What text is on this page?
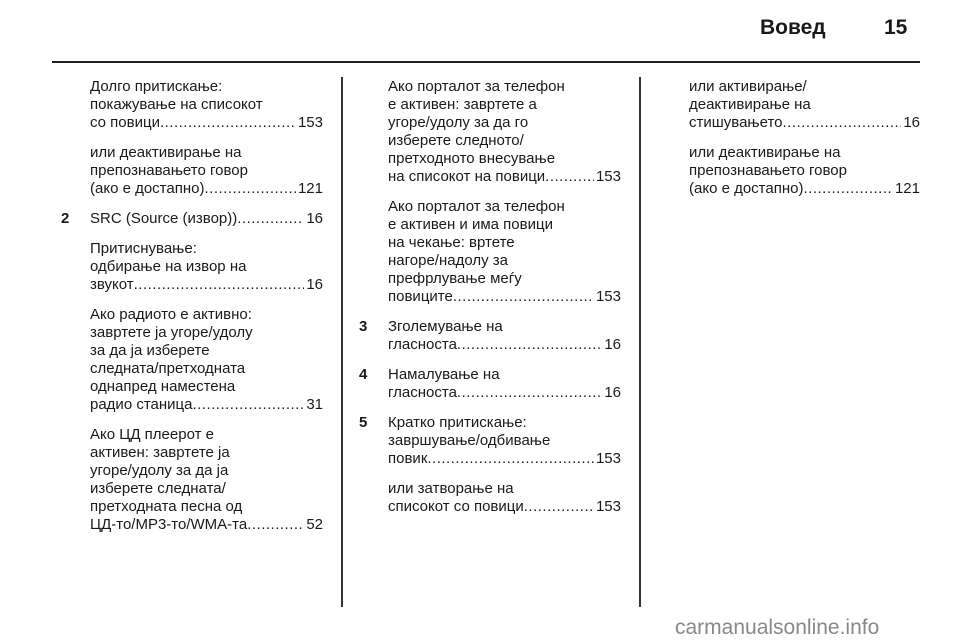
Вовед	15
Долго притискање:
покажување на списокот
со повици .....	153
или деактивирање на
препознавањето говор
(ако е достапно) .....	121
2 SRC (Source (извор)) .....	16
Притиснување:
одбирање на извор на
звукот .....	16
Ако радиото е активно:
завртете ја угоре/удолу
за да ја изберете
следната/претходната
однапред наместена
радио станица .....	31
Ако ЦД плеерот е
активен: завртете ја
угоре/удолу за да ја
изберете следната/
претходната песна од
ЦД-то/MP3-то/WMA-та .....	52
Ако порталот за телефон
е активен: завртете а
угоре/удолу за да го
изберете следното/
претходното внесување
на списокот на повици .....	153
Ако порталот за телефон
е активен и има повици
на чекање: вртете
нагоре/надолу за
префрлување меѓу
повиците .....	153
3 Зголемување на
гласноста .....	16
4 Намалување на
гласноста .....	16
5 Кратко притискање:
завршување/одбивање
повик .....	153
или затворање на
списокот со повици .....	153
или активирање/
деактивирање на
стишувањето .....	16
или деактивирање на
препознавањето говор
(ако е достапно) .....	121
carmanualsonline.info
